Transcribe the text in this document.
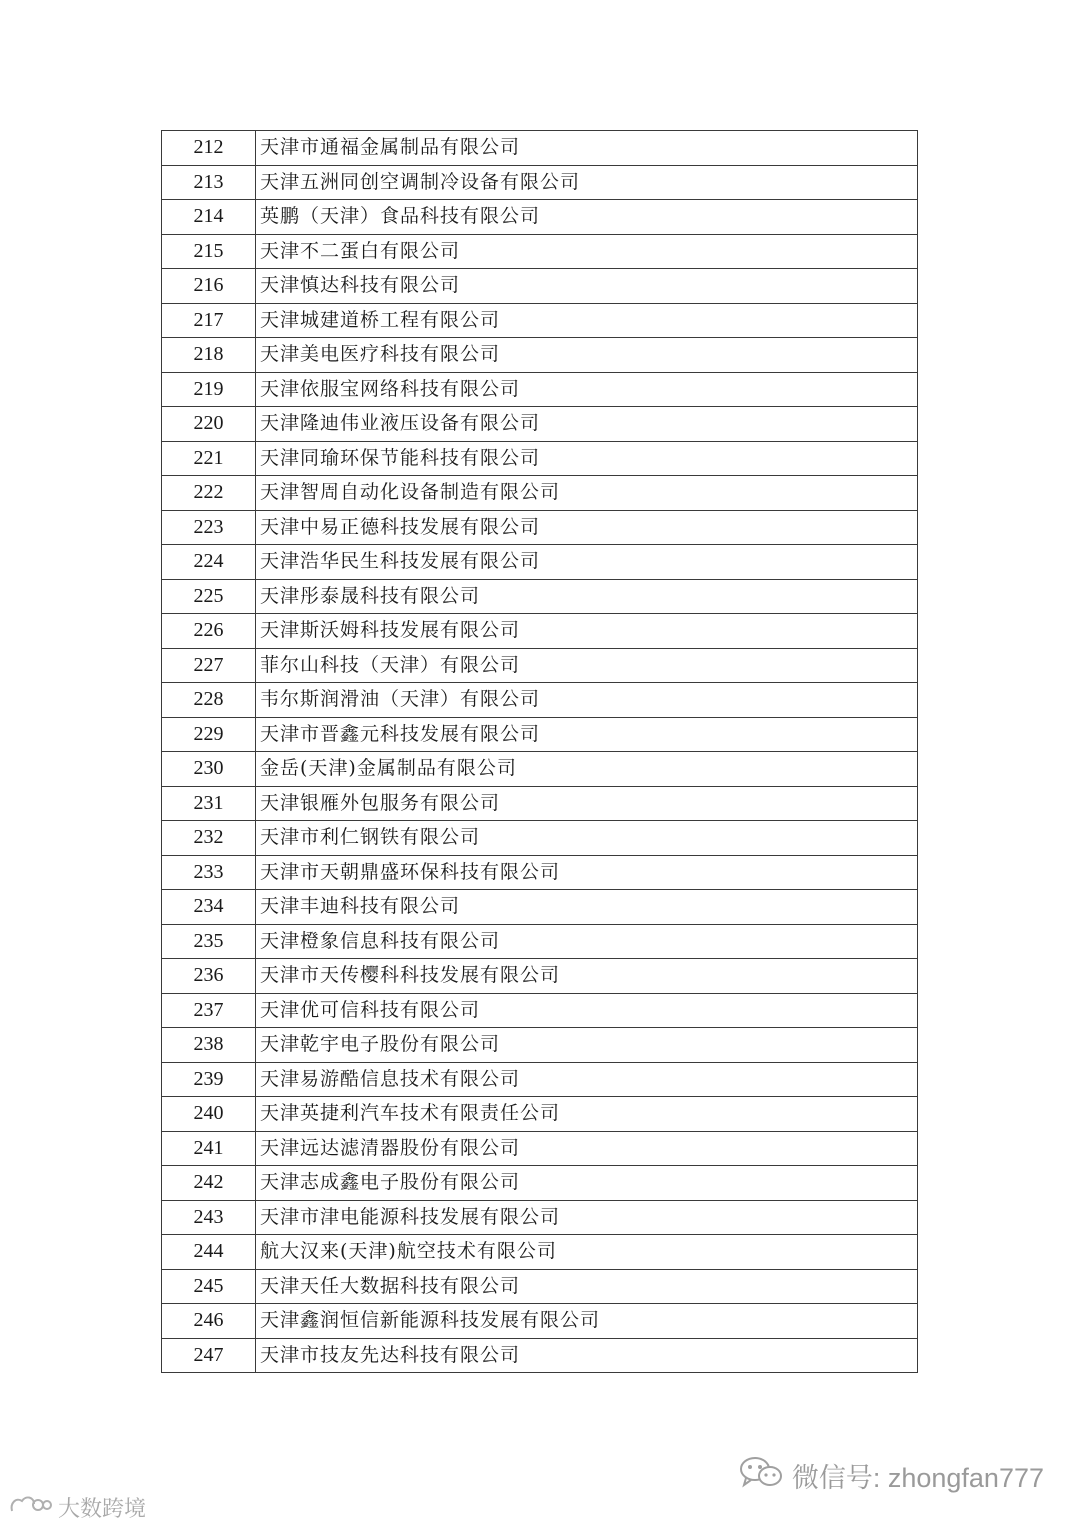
212	天津市通福金属制品有限公司
213	天津五洲同创空调制冷设备有限公司
214	英鹏（天津）食品科技有限公司
215	天津不二蛋白有限公司
216	天津慎达科技有限公司
217	天津城建道桥工程有限公司
218	天津美电医疗科技有限公司
219	天津依服宝网络科技有限公司
220	天津隆迪伟业液压设备有限公司
221	天津同瑜环保节能科技有限公司
222	天津智周自动化设备制造有限公司
223	天津中易正德科技发展有限公司
224	天津浩华民生科技发展有限公司
225	天津彤泰晟科技有限公司
226	天津斯沃姆科技发展有限公司
227	菲尔山科技（天津）有限公司
228	韦尔斯润滑油（天津）有限公司
229	天津市晋鑫元科技发展有限公司
230	金岳(天津)金属制品有限公司
231	天津银雁外包服务有限公司
232	天津市利仁钢铁有限公司
233	天津市天朝鼎盛环保科技有限公司
234	天津丰迪科技有限公司
235	天津橙象信息科技有限公司
236	天津市天传樱科科技发展有限公司
237	天津优可信科技有限公司
238	天津乾宇电子股份有限公司
239	天津易游酷信息技术有限公司
240	天津英捷利汽车技术有限责任公司
241	天津远达滤清器股份有限公司
242	天津志成鑫电子股份有限公司
243	天津市津电能源科技发展有限公司
244	航大汉来(天津)航空技术有限公司
245	天津天任大数据科技有限公司
246	天津鑫润恒信新能源科技发展有限公司
247	天津市技友先达科技有限公司
微信号: zhongfan777
大数跨境
